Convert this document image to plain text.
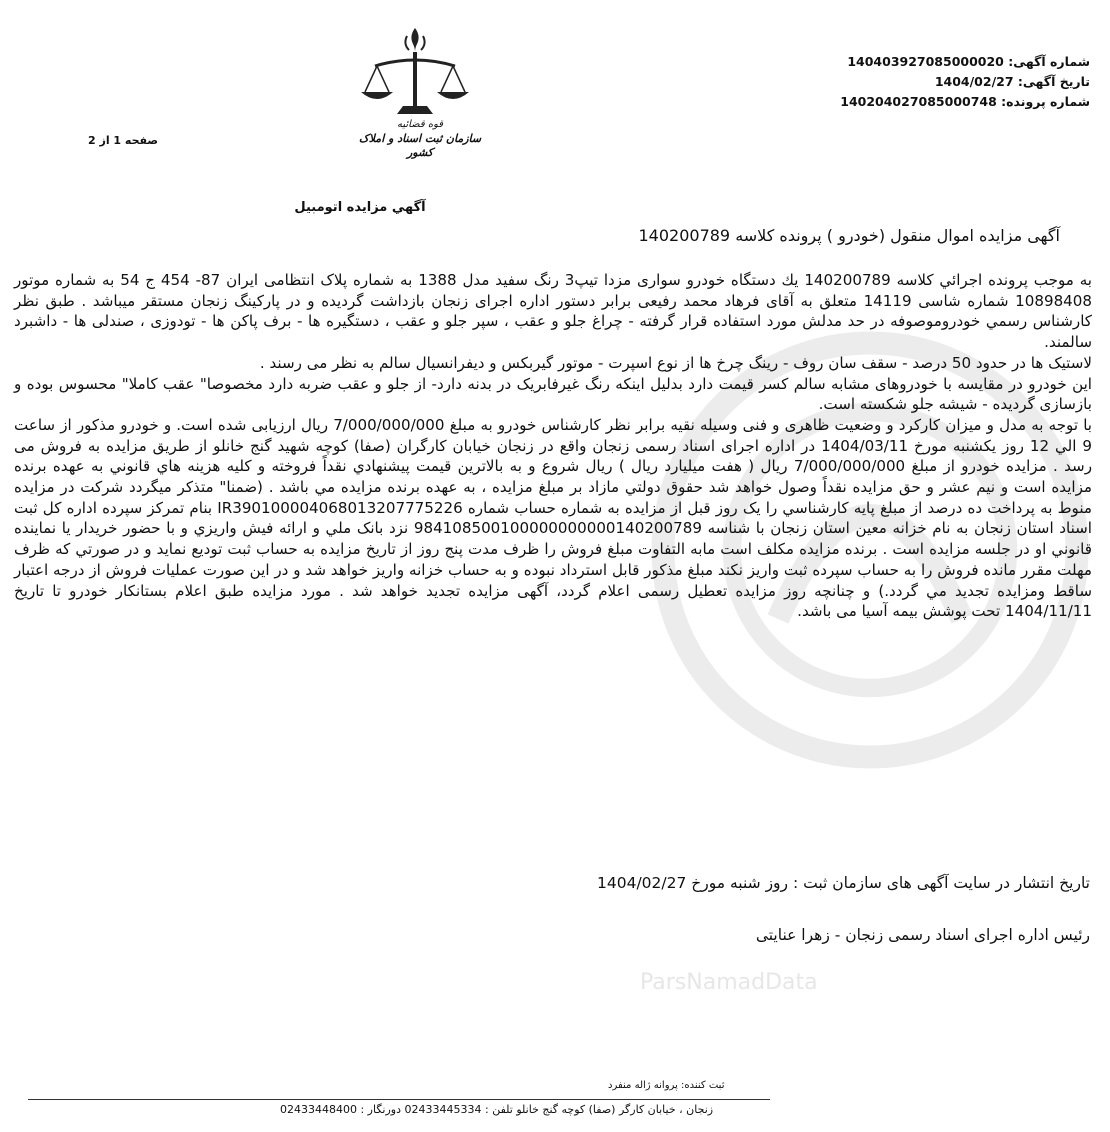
ParsNamadData
شماره آگهی: 140403927085000020
تاریخ آگهی: 1404/02/27
شماره پرونده: 140204027085000748
قوه قضائیه
سازمان ثبت اسناد و املاک کشور
صفحه 1 از 2
آگهي مزايده اتومبيل
آگهی مزایده اموال منقول (خودرو ) پرونده کلاسه 140200789

به موجب پرونده اجرائي كلاسه 140200789 يك دستگاه خودرو سواری مزدا تیپ3 رنگ سفید مدل 1388 به شماره پلاک انتظامی ایران 87- 454 ج 54 به شماره موتور 1089840​8 شماره شاسی 14119 متعلق به آقای فرهاد محمد رفیعی برابر دستور اداره اجرای زنجان بازداشت گردیده و در پارکینگ زنجان مستقر میباشد . طبق نظر کارشناس رسمي خودروموصوفه در حد مدلش مورد استفاده قرار گرفته - چراغ جلو و عقب ، سپر جلو و عقب ، دستگیره ها - برف پاکن ها - تودوزی ، صندلی ها - داشبرد سالمند.

لاستیک ها در حدود 50 درصد - سقف سان روف - رینگ چرخ ها از نوع اسپرت - موتور گیربکس و دیفرانسیال سالم به نظر می رسند .

این خودرو در مقایسه با خودروهای مشابه سالم کسر قیمت دارد بدلیل اینکه رنگ غیرفابریک در بدنه دارد- از جلو و عقب ضربه دارد مخصوصا" عقب کاملا" محسوس بوده و بازسازی گردیده - شیشه جلو شکسته است.

با توجه به مدل و میزان کارکرد و وضعیت ظاهری و فنی وسیله نقیه برابر نظر کارشناس خودرو به مبلغ 7/000/000/000 ریال ارزیابی شده است. و خودرو مذکور از ساعت 9 الي 12 روز یکشنبه مورخ 1404/03/11 در اداره اجرای اسناد رسمی زنجان واقع در زنجان خیابان کارگران (صفا) کوچه شهید گنج خانلو از طریق مزایده به فروش می رسد . مزایده خودرو از مبلغ 7/000/000/000 ریال ( هفت میلیارد ریال ) ریال شروع و به بالاترين قيمت پيشنهادي نقداً فروخته و كليه هزينه هاي قانوني به عهده برنده مزايده است و نيم عشر و حق مزايده نقداً وصول خواهد شد حقوق دولتي مازاد بر مبلغ مزايده ، به عهده برنده مزايده مي باشد . (ضمنا" متذکر میگردد شرکت در مزايده منوط به پرداخت ده درصد از مبلغ پایه کارشناسي را یک روز قبل از مزايده به شماره حساب شماره IR390100004068013207775226 بنام تمرکز سپرده اداره کل ثبت اسناد استان زنجان به نام خزانه معين استان زنجان با شناسه 984108500100000000000140200789 نزد بانک ملي و ارائه فيش واريزي و با حضور خريدار يا نماينده قانوني او در جلسه مزايده است . برنده مزایده مکلف است مابه التفاوت مبلغ فروش را ظرف مدت پنج روز از تاریخ مزایده به حساب ثبت تودیع نماید و در صورتي كه ظرف مهلت مقرر مانده فروش را به حساب سپرده ثبت واريز نكند مبلغ مذكور قابل استرداد نبوده و به حساب خزانه واريز خواهد شد و در اين صورت عمليات فروش از درجه اعتبار ساقط ومزايده تجديد مي گردد.) و چنانچه روز مزایده تعطیل رسمی اعلام گردد، آگهی مزایده تجدید خواهد شد . مورد مزایده طبق اعلام بستانکار خودرو تا تاریخ 1404/11/11 تحت پوشش بیمه آسیا می باشد.

تاریخ انتشار در سایت آگهی های سازمان ثبت : روز شنبه مورخ 1404/02/27
رئیس اداره اجرای اسناد رسمی زنجان - زهرا عنایتی
ثبت کننده: پروانه ژاله منفرد
زنجان ، خیابان کارگر (صفا) کوچه گنج خانلو تلفن : 02433445334 دورنگار : 02433448400
